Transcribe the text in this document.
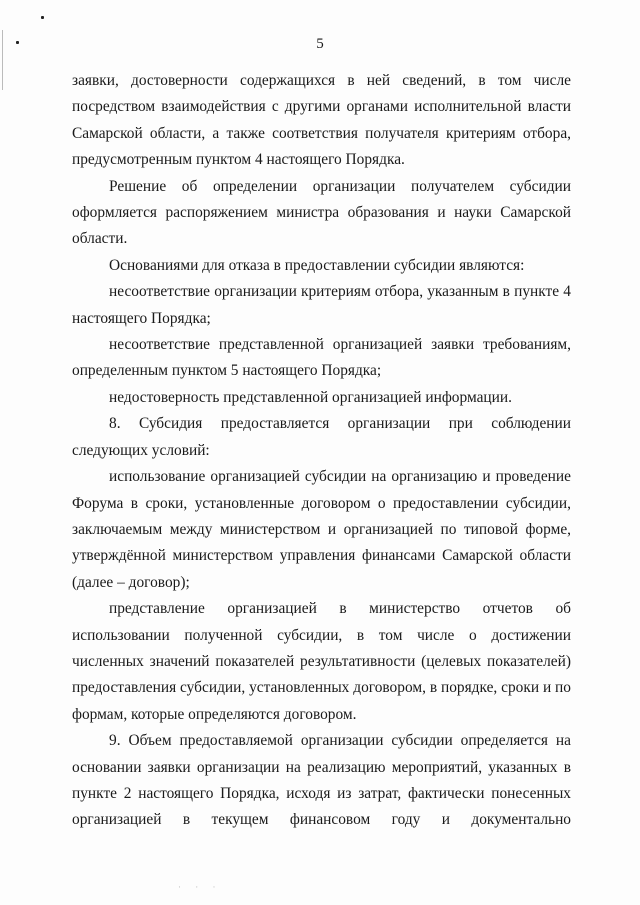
5

заявки, достоверности содержащихся в ней сведений, в том числе посредством взаимодействия с другими органами исполнительной власти Самарской области, а также соответствия получателя критериям отбора, предусмотренным пунктом 4 настоящего Порядка.

Решение об определении организации получателем субсидии оформляется распоряжением министра образования и науки Самарской области.

Основаниями для отказа в предоставлении субсидии являются:

несоответствие организации критериям отбора, указанным в пункте 4 настоящего Порядка;

несоответствие представленной организацией заявки требованиям, определенным пунктом 5 настоящего Порядка;

недостоверность представленной организацией информации.

8. Субсидия предоставляется организации при соблюдении следующих условий:

использование организацией субсидии на организацию и проведение Форума в сроки, установленные договором о предоставлении субсидии, заключаемым между министерством и организацией по типовой форме, утверждённой министерством управления финансами Самарской области (далее – договор);

представление организацией в министерство отчетов об использовании полученной субсидии, в том числе о достижении численных значений показателей результативности (целевых показателей) предоставления субсидии, установленных договором, в порядке, сроки и по формам, которые определяются договором.

9. Объем предоставляемой организации субсидии определяется на основании заявки организации на реализацию мероприятий, указанных в пункте 2 настоящего Порядка, исходя из затрат, фактически понесенных организацией в текущем финансовом году и документально

· · ·
